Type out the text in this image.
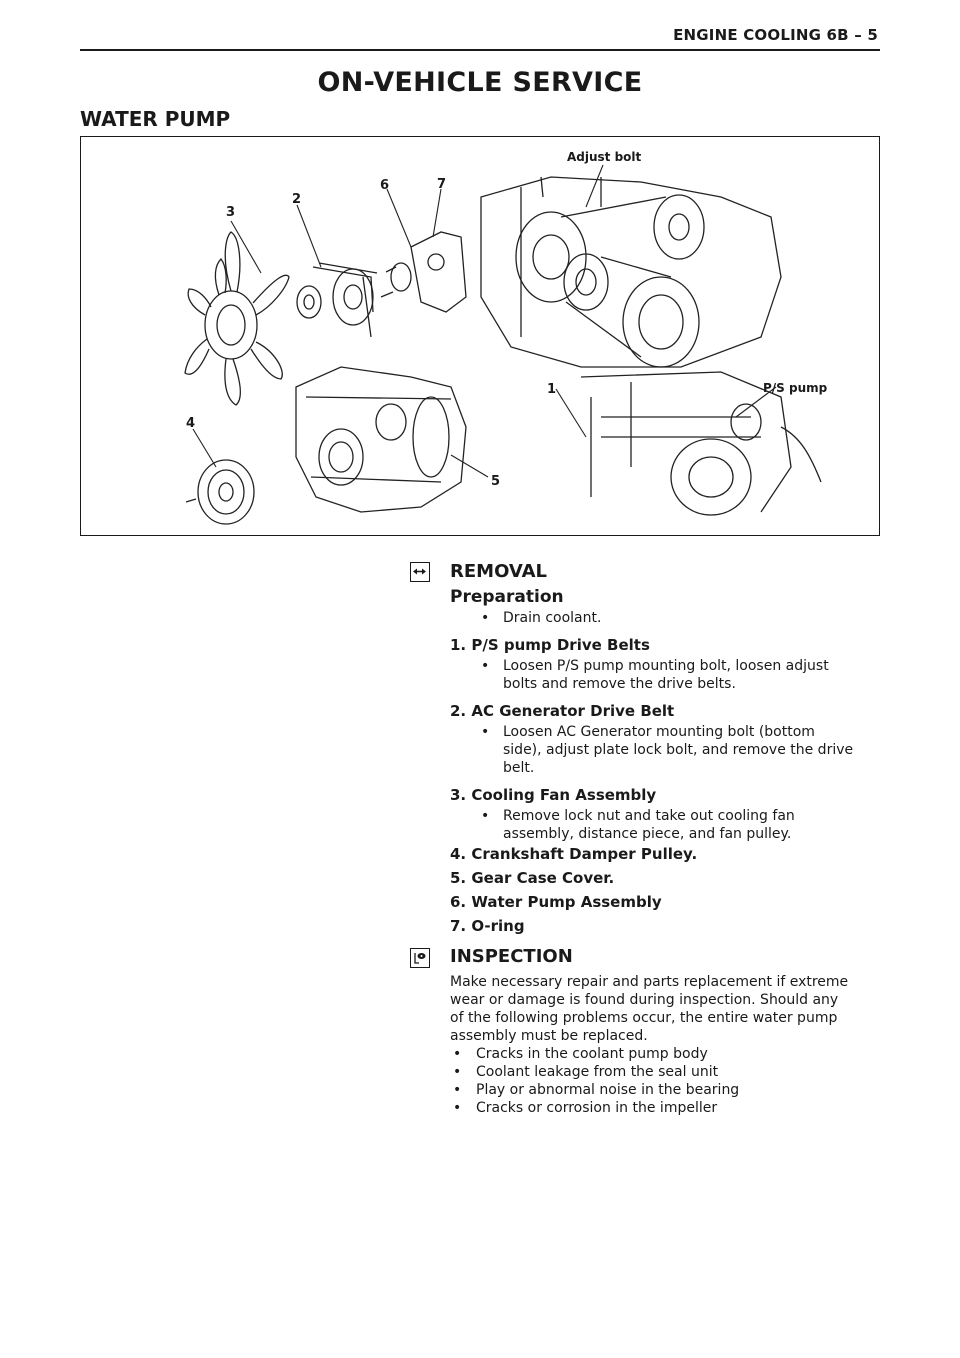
ENGINE COOLING 6B – 5
ON-VEHICLE SERVICE
WATER PUMP
3
2
6	7
Adjust bolt
1	P/S pump
4
5
REMOVAL
Preparation
• Drain coolant.
1. P/S pump Drive Belts
• Loosen P/S pump mounting bolt, loosen adjust
bolts and remove the drive belts.
2. AC Generator Drive Belt
• Loosen AC Generator mounting bolt (bottom
side), adjust plate lock bolt, and remove the drive
belt.
3. Cooling Fan Assembly
• Remove lock nut and take out cooling fan
assembly, distance piece, and fan pulley.
4. Crankshaft Damper Pulley.
5. Gear Case Cover.
6. Water Pump Assembly
7. O-ring
INSPECTION
Make necessary repair and parts replacement if extreme
wear or damage is found during inspection. Should any
of the following problems occur, the entire water pump
assembly must be replaced.
• Cracks in the coolant pump body
• Coolant leakage from the seal unit
• Play or abnormal noise in the bearing
• Cracks or corrosion in the impeller
